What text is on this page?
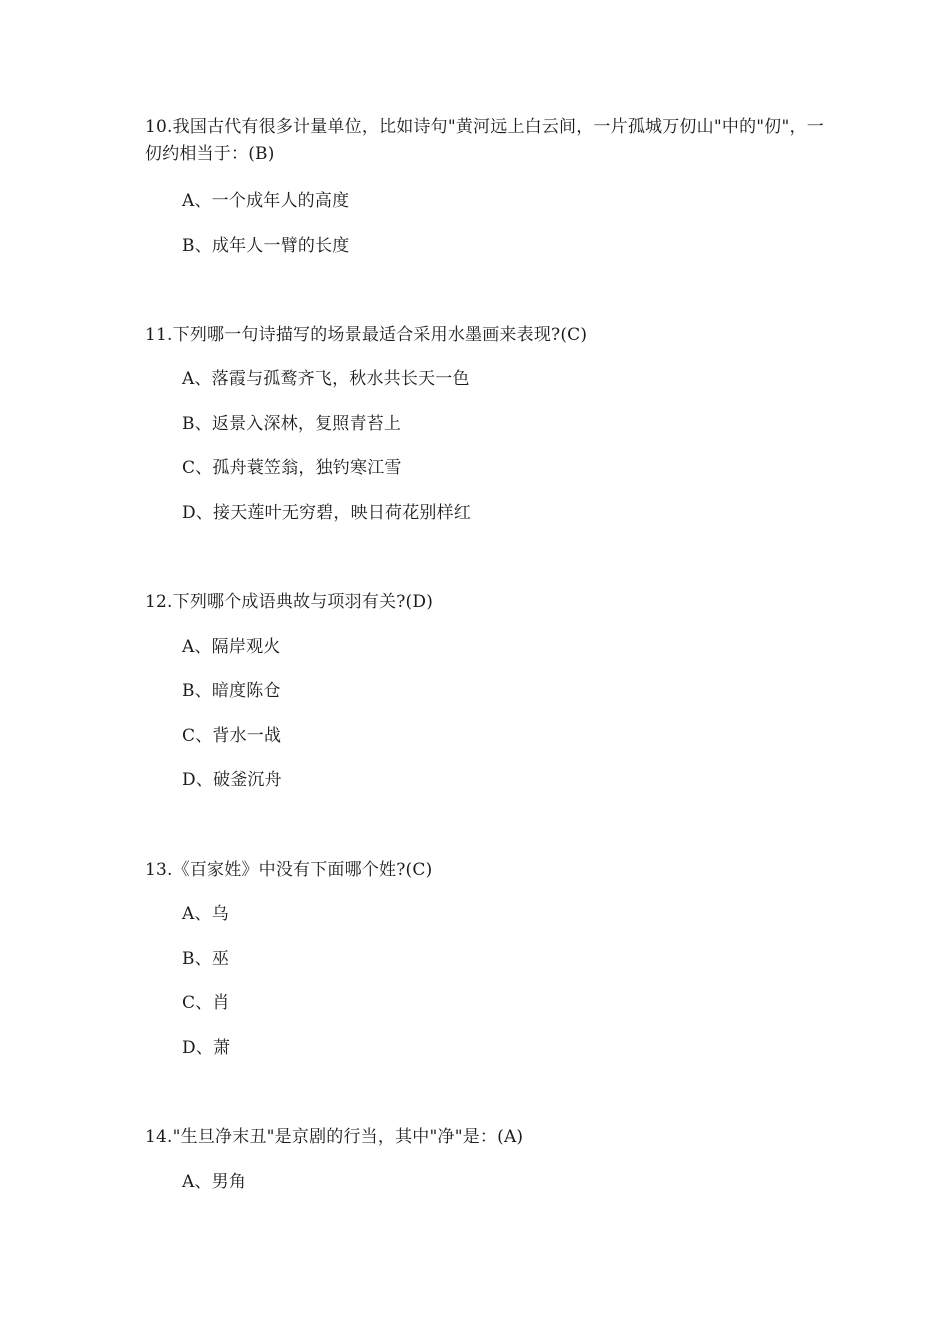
10.我国古代有很多计量单位，比如诗句"黄河远上白云间，一片孤城万仞山"中的"仞"，一仞约相当于：(B)
A、一个成年人的高度
B、成年人一臂的长度
11.下列哪一句诗描写的场景最适合采用水墨画来表现?(C)
A、落霞与孤鹜齐飞，秋水共长天一色
B、返景入深林，复照青苔上
C、孤舟蓑笠翁，独钓寒江雪
D、接天莲叶无穷碧，映日荷花别样红
12.下列哪个成语典故与项羽有关?(D)
A、隔岸观火
B、暗度陈仓
C、背水一战
D、破釜沉舟
13.《百家姓》中没有下面哪个姓?(C)
A、乌
B、巫
C、肖
D、萧
14."生旦净末丑"是京剧的行当，其中"净"是：(A)
A、男角
